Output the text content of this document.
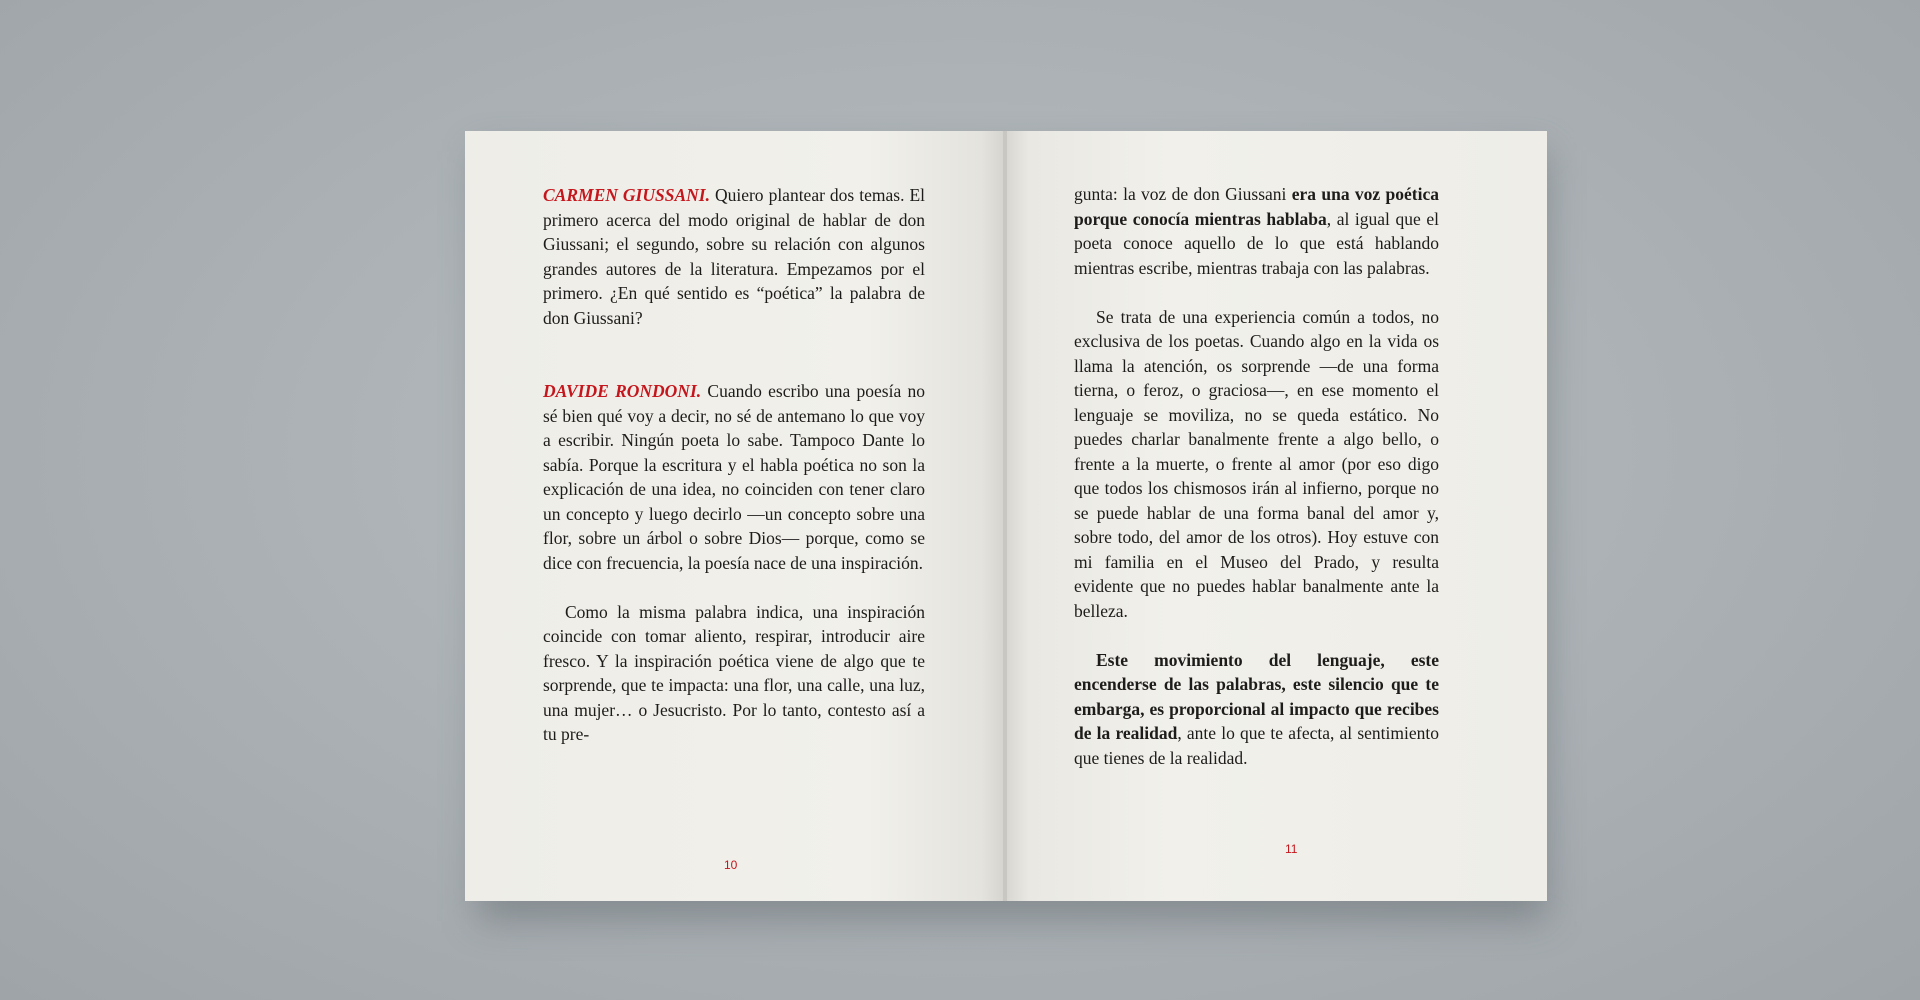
CARMEN GIUSSANI. Quiero plantear dos temas. El primero acerca del modo original de hablar de don Giussani; el segundo, sobre su relación con algunos grandes autores de la literatura. Empezamos por el primero. ¿En qué sentido es “poética” la palabra de don Giussani?

DAVIDE RONDONI. Cuando escribo una poesía no sé bien qué voy a decir, no sé de antemano lo que voy a escribir. Ningún poeta lo sabe. Tampoco Dante lo sabía. Porque la escritura y el habla poética no son la explicación de una idea, no coinciden con tener claro un concepto y luego decirlo —un concepto sobre una flor, sobre un árbol o sobre Dios— porque, como se dice con frecuencia, la poesía nace de una inspiración.

Como la misma palabra indica, una inspiración coincide con tomar aliento, respirar, introducir aire fresco. Y la inspiración poética viene de algo que te sorprende, que te impacta: una flor, una calle, una luz, una mujer… o Jesucristo. Por lo tanto, contesto así a tu pre-

10

gunta: la voz de don Giussani era una voz poética porque conocía mientras hablaba, al igual que el poeta conoce aquello de lo que está hablando mientras escribe, mientras trabaja con las palabras.

Se trata de una experiencia común a todos, no exclusiva de los poetas. Cuando algo en la vida os llama la atención, os sorprende —de una forma tierna, o feroz, o graciosa—, en ese momento el lenguaje se moviliza, no se queda estático. No puedes charlar banalmente frente a algo bello, o frente a la muerte, o frente al amor (por eso digo que todos los chismosos irán al infierno, porque no se puede hablar de una forma banal del amor y, sobre todo, del amor de los otros). Hoy estuve con mi familia en el Museo del Prado, y resulta evidente que no puedes hablar banalmente ante la belleza.

Este movimiento del lenguaje, este encenderse de las palabras, este silencio que te embarga, es proporcional al impacto que recibes de la realidad, ante lo que te afecta, al sentimiento que tienes de la realidad.

11
